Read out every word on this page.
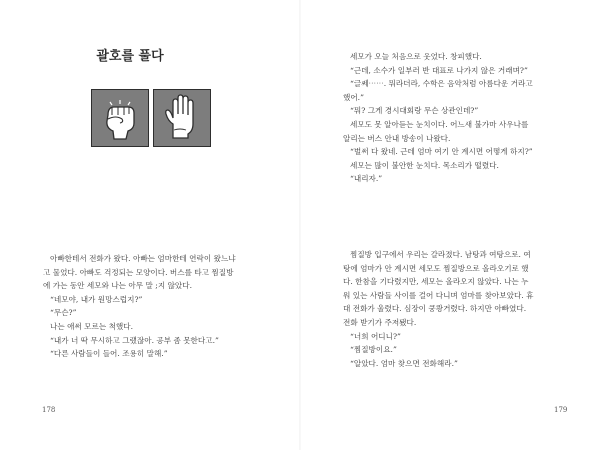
괄호를 풀다

아빠한테서 전화가 왔다. 아빠는 엄마한테 연락이 왔느냐

고 물었다. 아빠도 걱정되는 모양이다. 버스를 타고 찜질방

에 가는 동안 세모와 나는 아무 말 ;지 않았다.

“네모야, 내가 원망스럽지?”

“무슨?”

나는 애써 모르는 척했다.

“내가 너 딱 무시하고 그랬잖아. 공부 좀 못한다고.”

“다른 사람들이 들어. 조용히 말해.”

178

세모가 오늘 처음으로 웃었다. 창피했다.

“근데, 소수가 일부러 반 대표로 나가지 않은 거래며?”

“글쎄⋯⋯. 뭐라더라, 수학은 음악처럼 아름다운 거라고

했어.”

“뭐? 그게 경시대회랑 무슨 상관인데?”

세모도 못 알아듣는 눈치이다. 어느새 불가마 사우나를

알리는 버스 안내 방송이 나왔다.

“벌써 다 왔네. 근데 엄마 여기 안 계시면 어떻게 하지?”

세모는 많이 불안한 눈치다. 목소리가 떨렸다.

“내리자.”

찜질방 입구에서 우리는 갈라졌다. 남탕과 여탕으로. 여

탕에 엄마가 안 계시면 세모도 찜질방으로 올라오기로 했

다. 한참을 기다렸지만, 세모는 올라오지 않았다. 나는 누

워 있는 사람들 사이를 걸어 다니며 엄마를 찾아보았다. 휴

대 전화가 울렸다. 심장이 쿵쾅거렸다. 하지만 아빠였다.

전화 받기가 주저됐다.

“너희 어디니?”

“찜질방이요.”

“알았다. 엄마 찾으면 전화해라.”

179
